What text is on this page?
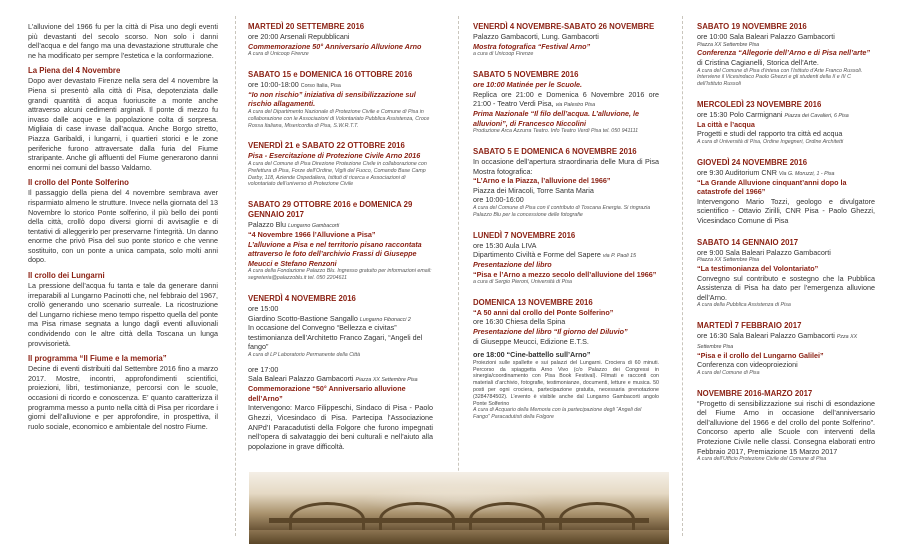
L’alluvione del 1966 fu per la città di Pisa uno degli eventi più devastanti del secolo scorso. Non solo i danni dell’acqua e del fango ma una devastazione strutturale che ne ha modificato per sempre l’estetica e la conformazione.

La Piena del 4 Novembre

Dopo aver devastato Firenze nella sera del 4 novembre la Piena si presentò alla città di Pisa, depotenziata dalle grandi quantità di acqua fuoriuscite a monte anche attraverso alcuni cedimenti arginali. Il ponte di mezzo fu invaso dalle acque e la popolazione colta di sorpresa. Migliaia di case invase dall’acqua. Anche Borgo stretto, Piazza Garibaldi, i lungarni, i quartieri storici e le zone periferiche furono attraversate dalla furia del Fiume straripante. Anche gli affluenti del Fiume generarono danni enormi nei comuni del basso Valdarno.

Il crollo del Ponte Solferino

Il passaggio della piena del 4 novembre sembrava aver risparmiato almeno le strutture. Invece nella giornata del 13 Novembre lo storico Ponte solferino, il più bello dei ponti della città, crollò dopo diversi giorni di avvisaglie e di tentativi di alleggerirlo per preservarne l’integrità. Un danno enorme che privò Pisa del suo ponte storico e che venne sostituito, con un ponte a unica campata, solo molti anni dopo.

Il crollo dei Lungarni

La pressione dell’acqua fu tanta e tale da generare danni irreparabili al Lungarno Pacinotti che, nel febbraio del 1967, crollò generando uno scenario surreale. La ricostruzione del Lungarno richiese meno tempo rispetto quella del ponte ma Pisa rimase segnata a lungo dagli eventi alluvionali condividendo con le altre città della Toscana un lunga provvisorietà.

Il programma “Il Fiume e la memoria”

Decine di eventi distribuiti dal Settembre 2016 fino a marzo 2017. Mostre, incontri, approfondimenti scientifici, proiezioni, libri, testimonianze, percorsi con le scuole, occasioni di ricordo e conoscenza. E’ quanto caratterizza il programma messo a punto nella città di Pisa per ricordare i giorni dell’alluvione e per approfondire, in prospettiva, il ruolo sociale, economico e ambientale del nostro Fiume.

MARTEDÌ 20 SETTEMBRE 2016
ore 20:00 Arsenali Repubblicani
Commemorazione 50° Anniversario Alluvione Arno
A cura di Unicoop Firenze
SABATO 15 e DOMENICA 16 OTTOBRE 2016
ore 10:00-18:00 Corso Italia, Pisa
“Io non rischio” iniziativa di sensibilizzazione sul rischio allagamenti.
A cura del Dipartimento Nazionale di Protezione Civile e Comune di Pisa in collaborazione con le Associazioni di Volontariato Pubblica Assistenza, Croce Rossa Italiana, Misericordia di Pisa, S.W.R.T.T.
VENERDÌ 21 e SABATO 22 OTTOBRE 2016
Pisa - Esercitazione di Protezione Civile Arno 2016
A cura del Comune di Pisa Direzione Protezione Civile in collaborazione con Prefettura di Pisa, Forze dell’Ordine, Vigili del Fuoco, Comando Base Camp Darby, 118, Aziende Ospedaliera, Istituti di ricerca e Associazioni di volontariato dell’universo di Protezione Civile
SABATO 29 OTTOBRE 2016 e DOMENICA 29 GENNAIO 2017
Palazzo Blu Lungarno Gambacorti
“4 Novembre 1966 l’Alluvione a Pisa”
L’alluvione a Pisa e nel territorio pisano raccontata attraverso le foto dell’archivio Frassi di Giuseppe Meucci e Stefano Renzoni
A cura della Fondazione Palazzo Blu. Ingresso gratuito per informazioni email: segreteria@palazzoblu.it tel. 050 2204611
VENERDÌ 4 NOVEMBRE 2016
ore 15:00
Giardino Scotto-Bastione Sangallo Lungarno Fibonacci 2
In occasione del Convegno “Bellezza e civitas” testimonianza dell’Architetto Franco Zagari, “Angeli del fango”
A cura di LP Laboratorio Permanente della Città
ore 17:00
Sala Baleari Palazzo Gambacorti Piazza XX Settembre Pisa
Commemorazione “50° Anniversario alluvione dell’Arno”
Intervengono: Marco Filippeschi, Sindaco di Pisa - Paolo Ghezzi, Vicesindaco di Pisa. Partecipa l’Associazione ANPd’I Paracadutisti della Folgore che furono impegnati nell’opera di salvataggio dei beni culturali e nell’aiuto alla popolazione in grave difficoltà.
VENERDÌ 4 NOVEMBRE-SABATO 26 NOVEMBRE
Palazzo Gambacorti, Lung. Gambacorti
Mostra fotografica “Festival Arno”
a cura di Unicoop Firenze
SABATO 5 NOVEMBRE 2016
ore 10:00 Matinée per le Scuole.
Replica ore 21:00 e Domenica 6 Novembre 2016 ore 21:00 - Teatro Verdi Pisa, via Palestro Pisa
Prima Nazionale “Il filo dell’acqua. L’alluvione, le alluvioni”, di Francesco Niccolini
Produzione Arca Azzurra Teatro. Info Teatro Verdi Pisa tel. 050 941111
SABATO 5 E DOMENICA 6 NOVEMBRE 2016
In occasione dell’apertura straordinaria delle Mura di Pisa Mostra fotografica:
“L’Arno e la Piazza, l’alluvione del 1966”
Piazza dei Miracoli, Torre Santa Maria
ore 10:00-16:00
A cura del Comune di Pisa con il contributo di Toscana Energia. Si ringrazia Palazzo Blu per la concessione delle fotografie
LUNEDÌ 7 NOVEMBRE 2016
ore 15:30 Aula LIVA
Dipartimento Civiltà e Forme del Sapere via P. Paoli 15
Presentazione del libro
“Pisa e l’Arno a mezzo secolo dell’alluvione del 1966”
a cura di Sergio Pieroni, Università di Pisa
DOMENICA 13 NOVEMBRE 2016
“A 50 anni dal crollo del Ponte Solferino”
ore 16:30 Chiesa della Spina
Presentazione del libro “Il giorno del Diluvio”
di Giuseppe Meucci, Edizione E.T.S.
ore 18:00 “Cine-battello sull’Arno”
Proiezioni sulle spallette e sui palazzi del Lungarni. Crociera di 60 minuti. Percorso da spiaggetta Arno Vivo (c/o Palazzo dei Congressi in sinergia/coordinamento con Pisa Book Festival). Filmati e racconti con materiali d’archivio, fotografie, testimonianze, documenti, letture e musica. 50 posti per ogni crociera, partecipazione gratuita, necessaria prenotazione (3284784502). L’evento è visibile anche dal Lungarno Gambacorti angolo Ponte Solferino
A cura di Acquario della Memoria con la partecipazione degli “Angeli del Fango” Paracadutisti della Folgore
SABATO 19 NOVEMBRE 2016
ore 10:00 Sala Baleari Palazzo Gambacorti
Piazza XX Settembre Pisa
Conferenza “Allegorie dell’Arno e di Pisa nell’arte”
di Cristina Cagianelli, Storica dell’Arte.
A cura del Comune di Pisa d’intesa con l’Istituto d’Arte Franco Russoli. Interviene il Vicesindaco Paolo Ghezzi e gli studenti della II e III C dell’Istituto Russoli
MERCOLEDÌ 23 NOVEMBRE 2016
ore 15:30 Polo Carmignani Piazza dei Cavalieri, 6 Pisa
La città e l’acqua
Progetti e studi del rapporto tra città ed acqua
A cura di Università di Pisa, Ordine Ingegneri, Ordine Architetti
GIOVEDÌ 24 NOVEMBRE 2016
ore 9:30 Auditorium CNR Via G. Moruzzi, 1 - Pisa
“La Grande Alluvione cinquant’anni dopo la catastrofe del 1966”
Intervengono Mario Tozzi, geologo e divulgatore scientifico - Ottavio Zirilli, CNR Pisa - Paolo Ghezzi, Vicesindaco Comune di Pisa
SABATO 14 GENNAIO 2017
ore 9:00 Sala Baleari Palazzo Gambacorti
Piazza XX Settembre Pisa
“La testimonianza del Volontariato”
Convegno sul contributo e sostegno che la Pubblica Assistenza di Pisa ha dato per l’emergenza alluvione dell’Arno.
A cura della Pubblica Assistenza di Pisa
MARTEDÌ 7 FEBBRAIO 2017
ore 16:30 Sala Baleari Palazzo Gambacorti Pzza XX Settembre Pisa
“Pisa e il crollo del Lungarno Galilei”
Conferenza con videoproiezioni
A cura del Comune di Pisa
NOVEMBRE 2016-MARZO 2017
“Progetto di sensibilizzazione sui rischi di esondazione del Fiume Arno in occasione dell’anniversario dell’alluvione del 1966 e del crollo del ponte Solferino”. Concorso aperto alle Scuole con interventi della Protezione Civile nelle classi. Consegna elaborati entro Febbraio 2017, Premiazione 15 Marzo 2017
A cura dell’Ufficio Protezione Civile del Comune di Pisa
